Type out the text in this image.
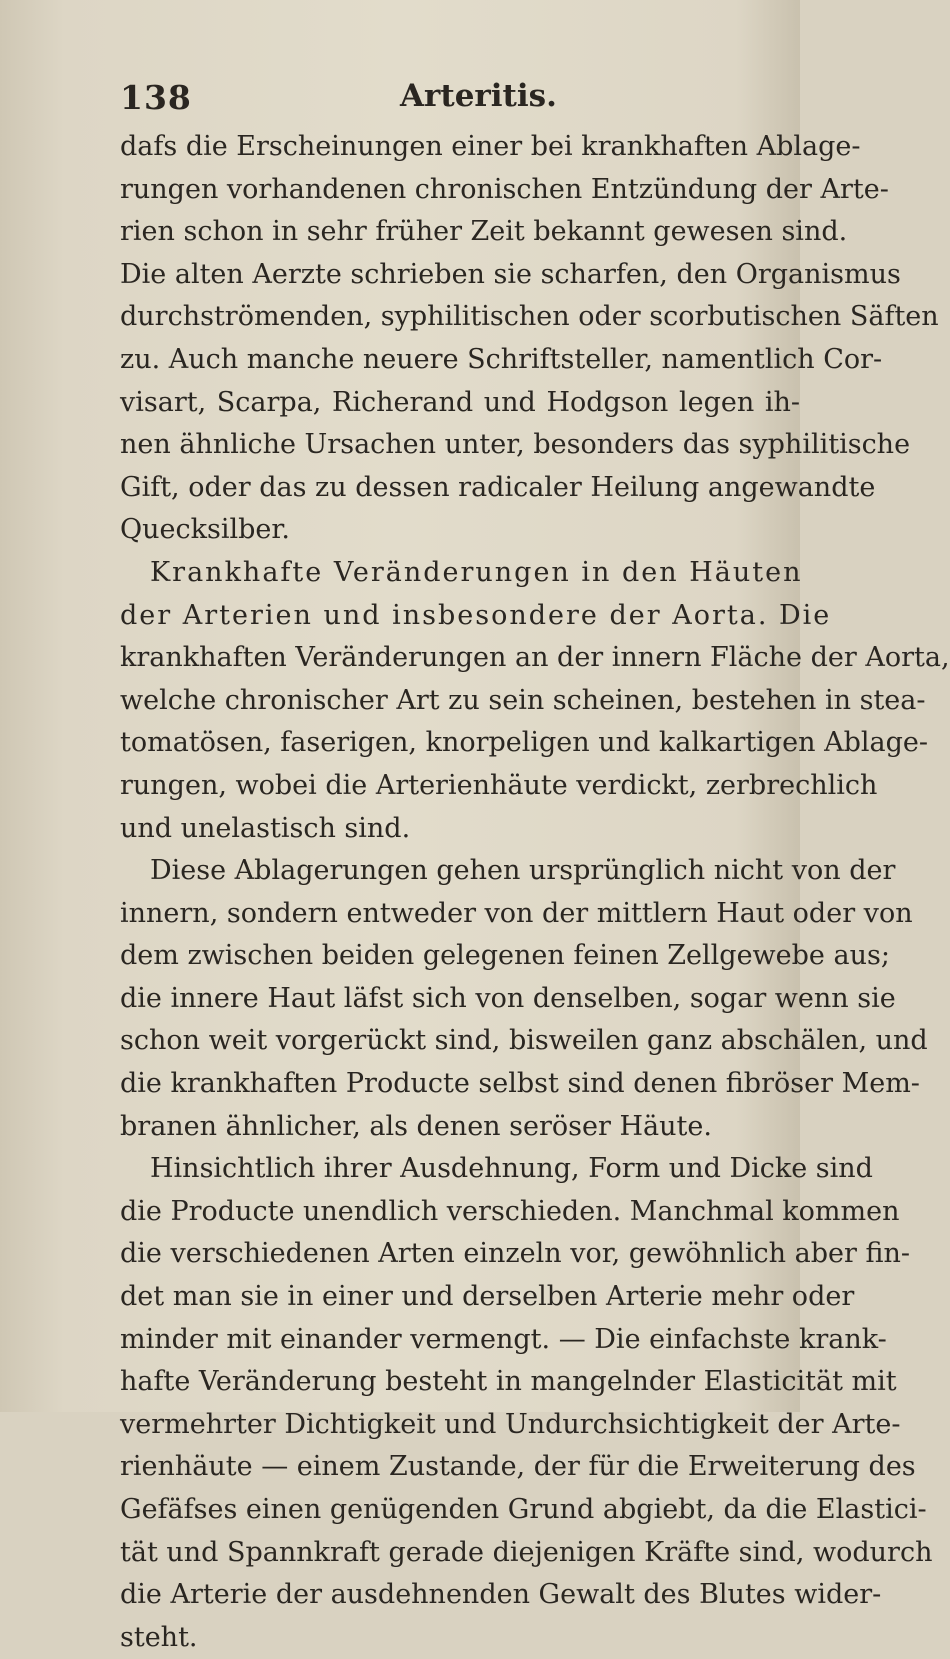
138	Arteritis.
dafs die Erscheinungen einer bei krankhaften Ablage-
rungen vorhandenen chronischen Entzündung der Arte-
rien schon in sehr früher Zeit bekannt gewesen sind.
Die alten Aerzte schrieben sie scharfen, den Organismus
durchströmenden, syphilitischen oder scorbutischen Säften
zu. Auch manche neuere Schriftsteller, namentlich Cor-
visart, Scarpa, Richerand und Hodgson legen ih-
nen ähnliche Ursachen unter, besonders das syphilitische
Gift, oder das zu dessen radicaler Heilung angewandte
Quecksilber.
Krankhafte Veränderungen in den Häuten
der Arterien und insbesondere der Aorta. Die
krankhaften Veränderungen an der innern Fläche der Aorta,
welche chronischer Art zu sein scheinen, bestehen in stea-
tomatösen, faserigen, knorpeligen und kalkartigen Ablage-
rungen, wobei die Arterienhäute verdickt, zerbrechlich
und unelastisch sind.
Diese Ablagerungen gehen ursprünglich nicht von der
innern, sondern entweder von der mittlern Haut oder von
dem zwischen beiden gelegenen feinen Zellgewebe aus;
die innere Haut läfst sich von denselben, sogar wenn sie
schon weit vorgerückt sind, bisweilen ganz abschälen, und
die krankhaften Producte selbst sind denen fibröser Mem-
branen ähnlicher, als denen seröser Häute.
Hinsichtlich ihrer Ausdehnung, Form und Dicke sind
die Producte unendlich verschieden. Manchmal kommen
die verschiedenen Arten einzeln vor, gewöhnlich aber fin-
det man sie in einer und derselben Arterie mehr oder
minder mit einander vermengt. — Die einfachste krank-
hafte Veränderung besteht in mangelnder Elasticität mit
vermehrter Dichtigkeit und Undurchsichtigkeit der Arte-
rienhäute — einem Zustande, der für die Erweiterung des
Gefäfses einen genügenden Grund abgiebt, da die Elastici-
tät und Spannkraft gerade diejenigen Kräfte sind, wodurch
die Arterie der ausdehnenden Gewalt des Blutes wider-
steht.
